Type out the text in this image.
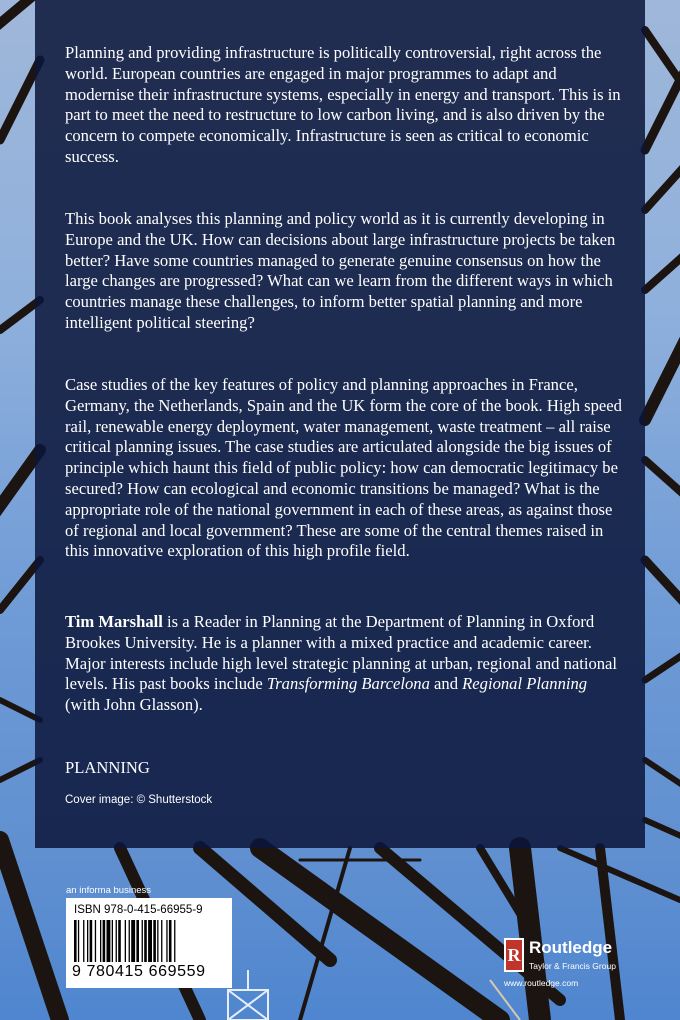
Planning and providing infrastructure is politically controversial, right across the world. European countries are engaged in major programmes to adapt and modernise their infrastructure systems, especially in energy and transport. This is in part to meet the need to restructure to low carbon living, and is also driven by the concern to compete economically. Infrastructure is seen as critical to economic success.

This book analyses this planning and policy world as it is currently developing in Europe and the UK. How can decisions about large infrastructure projects be taken better? Have some countries managed to generate genuine consensus on how the large changes are progressed? What can we learn from the different ways in which countries manage these challenges, to inform better spatial planning and more intelligent political steering?

Case studies of the key features of policy and planning approaches in France, Germany, the Netherlands, Spain and the UK form the core of the book. High speed rail, renewable energy deployment, water management, waste treatment – all raise critical planning issues. The case studies are articulated alongside the big issues of principle which haunt this field of public policy: how can democratic legitimacy be secured? How can ecological and economic transitions be managed? What is the appropriate role of the national government in each of these areas, as against those of regional and local government? These are some of the central themes raised in this innovative exploration of this high profile field.

Tim Marshall is a Reader in Planning at the Department of Planning in Oxford Brookes University. He is a planner with a mixed practice and academic career. Major interests include high level strategic planning at urban, regional and national levels. His past books include Transforming Barcelona and Regional Planning (with John Glasson).

PLANNING

Cover image: © Shutterstock

an informa business
ISBN 978-0-415-66955-9
9 780415 669559
R Routledge
Taylor & Francis Group
www.routledge.com
